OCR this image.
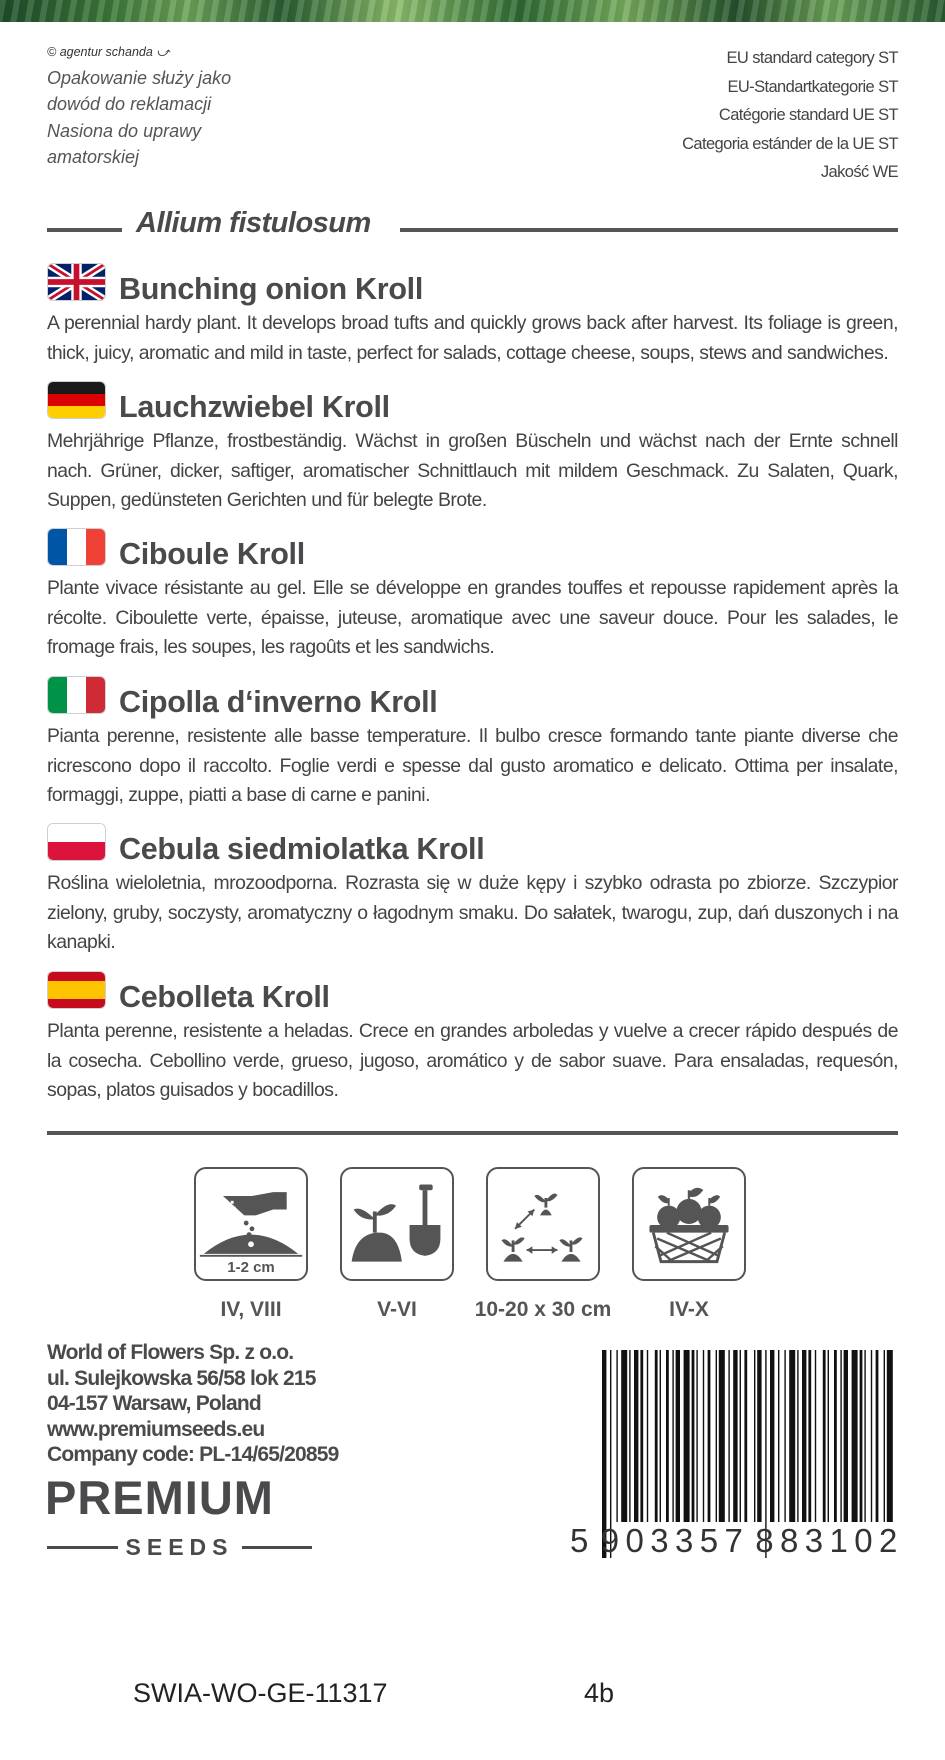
© agentur schanda ⤻
Opakowanie służy jako dowód do reklamacji
Nasiona do uprawy amatorskiej
EU standard category ST
EU-Standartkategorie ST
Catégorie standard UE ST
Categoria estánder de la UE ST
Jakość WE
Allium fistulosum
Bunching onion Kroll
A perennial hardy plant. It develops broad tufts and quickly grows back after harvest. Its foliage is green, thick, juicy, aromatic and mild in taste, perfect for salads, cottage cheese, soups, stews and sandwiches.
Lauchzwiebel Kroll
Mehrjährige Pflanze, frostbeständig. Wächst in großen Büscheln und wächst nach der Ernte schnell nach. Grüner, dicker, saftiger, aromatischer Schnittlauch mit mildem Geschmack. Zu Salaten, Quark, Suppen, gedünsteten Gerichten und für belegte Brote.
Ciboule Kroll
Plante vivace résistante au gel. Elle se développe en grandes touffes et repousse rapidement après la récolte. Ciboulette verte, épaisse, juteuse, aromatique avec une saveur douce. Pour les salades, le fromage frais, les soupes, les ragoûts et les sandwichs.
Cipolla d‘inverno Kroll
Pianta perenne, resistente alle basse temperature. Il bulbo cresce formando tante piante diverse che ricrescono dopo il raccolto. Foglie verdi e spesse dal gusto aromatico e delicato. Ottima per insalate, formaggi, zuppe, piatti a base di carne e panini.
Cebula siedmiolatka Kroll
Roślina wieloletnia, mrozoodporna. Rozrasta się w duże kępy i szybko odrasta po zbiorze. Szczypior zielony, gruby, soczysty, aromatyczny o łagodnym smaku. Do sałatek, twarogu, zup, dań duszonych i na kanapki.
Cebolleta Kroll
Planta perenne, resistente a heladas. Crece en grandes arboledas y vuelve a crecer rápido después de la cosecha. Cebollino verde, grueso, jugoso, aromático y de sabor suave. Para ensaladas, requesón, sopas, platos guisados y bocadillos.
1-2 cm
IV, VIII	V-VI	10-20 x 30 cm	IV-X
World of Flowers Sp. z o.o.
ul. Sulejkowska 56/58 lok 215
04-157 Warsaw, Poland
www.premiumseeds.eu
Company code: PL-14/65/20859
PREMIUM
SEEDS	5 9 0 3 3 5 7 8 8 3 1 0 2
SWIA-WO-GE-11317	4b
